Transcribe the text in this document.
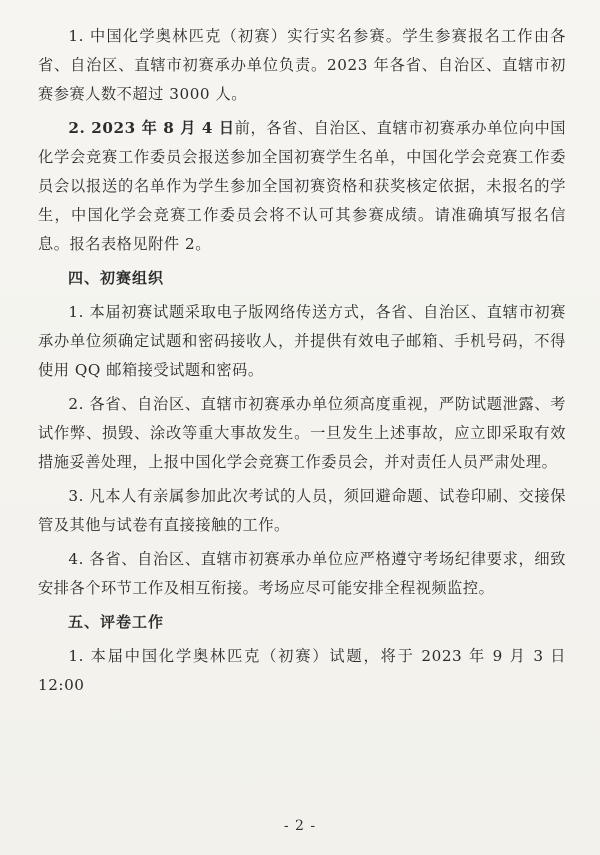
1. 中国化学奥林匹克（初赛）实行实名参赛。学生参赛报名工作由各省、自治区、直辖市初赛承办单位负责。2023 年各省、自治区、直辖市初赛参赛人数不超过 3000 人。

2. 2023 年 8 月 4 日前，各省、自治区、直辖市初赛承办单位向中国化学会竞赛工作委员会报送参加全国初赛学生名单，中国化学会竞赛工作委员会以报送的名单作为学生参加全国初赛资格和获奖核定依据，未报名的学生，中国化学会竞赛工作委员会将不认可其参赛成绩。请准确填写报名信息。报名表格见附件 2。

四、初赛组织

1. 本届初赛试题采取电子版网络传送方式，各省、自治区、直辖市初赛承办单位须确定试题和密码接收人，并提供有效电子邮箱、手机号码，不得使用 QQ 邮箱接受试题和密码。

2. 各省、自治区、直辖市初赛承办单位须高度重视，严防试题泄露、考试作弊、损毁、涂改等重大事故发生。一旦发生上述事故，应立即采取有效措施妥善处理，上报中国化学会竞赛工作委员会，并对责任人员严肃处理。

3. 凡本人有亲属参加此次考试的人员，须回避命题、试卷印刷、交接保管及其他与试卷有直接接触的工作。

4. 各省、自治区、直辖市初赛承办单位应严格遵守考场纪律要求，细致安排各个环节工作及相互衔接。考场应尽可能安排全程视频监控。

五、评卷工作

1. 本届中国化学奥林匹克（初赛）试题，将于 2023 年 9 月 3 日 12:00

- 2 -
